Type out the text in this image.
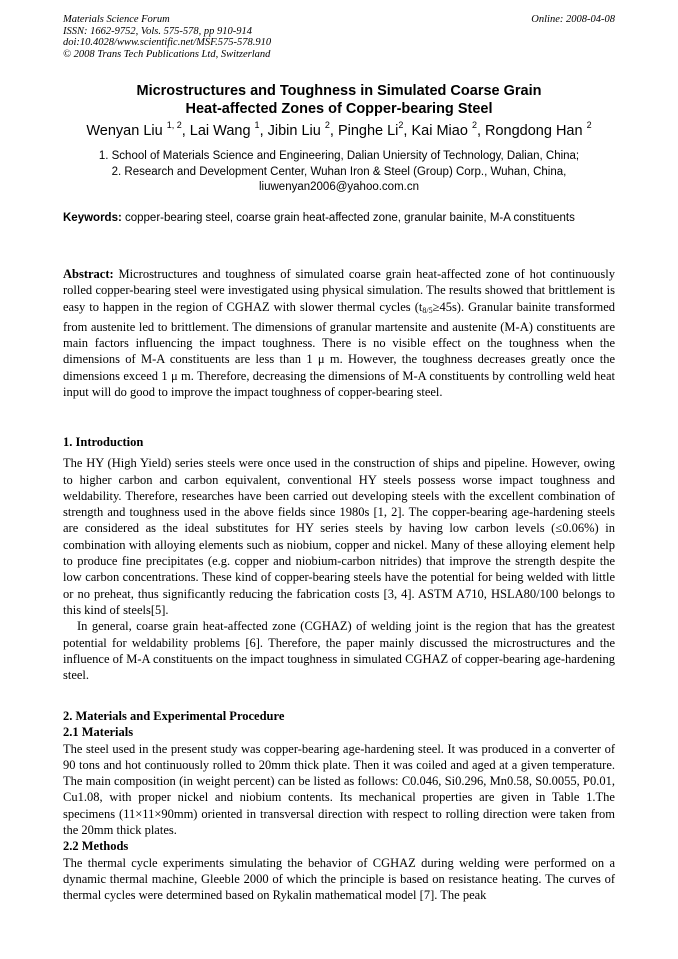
Materials Science Forum
ISSN: 1662-9752, Vols. 575-578, pp 910-914
doi:10.4028/www.scientific.net/MSF.575-578.910
© 2008 Trans Tech Publications Ltd, Switzerland
Online: 2008-04-08
Microstructures and Toughness in Simulated Coarse Grain
Heat-affected Zones of Copper-bearing Steel
Wenyan Liu $^{1, 2}$, Lai Wang $^1$, Jibin Liu $^2$, Pinghe Li$^2$, Kai Miao $^2$, Rongdong Han $^2$
1. School of Materials Science and Engineering, Dalian Uniersity of Technology, Dalian, China;
2. Research and Development Center, Wuhan Iron & Steel (Group) Corp., Wuhan, China,
liuwenyan2006@yahoo.com.cn
Keywords: copper-bearing steel, coarse grain heat-affected zone, granular bainite, M-A constituents
Abstract: Microstructures and toughness of simulated coarse grain heat-affected zone of hot continuously rolled copper-bearing steel were investigated using physical simulation. The results showed that brittlement is easy to happen in the region of CGHAZ with slower thermal cycles $(t_{8/5}\ge 45s)$. Granular bainite transformed from austenite led to brittlement. The dimensions of granular martensite and austenite (M-A) constituents are main factors influencing the impact toughness. There is no visible effect on the toughness when the dimensions of M-A constituents are less than 1 μ m. However, the toughness decreases greatly once the dimensions exceed 1 μ m. Therefore, decreasing the dimensions of M-A constituents by controlling weld heat input will do good to improve the impact toughness of copper-bearing steel.
1. Introduction

The HY (High Yield) series steels were once used in the construction of ships and pipeline. However, owing to higher carbon and carbon equivalent, conventional HY steels possess worse impact toughness and weldability. Therefore, researches have been carried out developing steels with the excellent combination of strength and toughness used in the above fields since 1980s [1, 2]. The copper-bearing age-hardening steels are considered as the ideal substitutes for HY series steels by having low carbon levels (≤0.06%) in combination with alloying elements such as niobium, copper and nickel. Many of these alloying element help to produce fine precipitates (e.g. copper and niobium-carbon nitrides) that improve the strength despite the low carbon concentrations. These kind of copper-bearing steels have the potential for being welded with little or no preheat, thus significantly reducing the fabrication costs [3, 4]. ASTM A710, HSLA80/100 belongs to this kind of steels[5].

In general, coarse grain heat-affected zone (CGHAZ) of welding joint is the region that has the greatest potential for weldability problems [6]. Therefore, the paper mainly discussed the microstructures and the influence of M-A constituents on the impact toughness in simulated CGHAZ of copper-bearing age-hardening steel.

2. Materials and Experimental Procedure
2.1 Materials

The steel used in the present study was copper-bearing age-hardening steel. It was produced in a converter of 90 tons and hot continuously rolled to 20mm thick plate. Then it was coiled and aged at a given temperature. The main composition (in weight percent) can be listed as follows: C0.046, Si0.296, Mn0.58, S0.0055, P0.01, Cu1.08, with proper nickel and niobium contents. Its mechanical properties are given in Table 1.The specimens (11×11×90mm) oriented in transversal direction with respect to rolling direction were taken from the 20mm thick plates.

2.2 Methods

The thermal cycle experiments simulating the behavior of CGHAZ during welding were performed on a dynamic thermal machine, Gleeble 2000 of which the principle is based on resistance heating. The curves of thermal cycles were determined based on Rykalin mathematical model [7]. The peak
